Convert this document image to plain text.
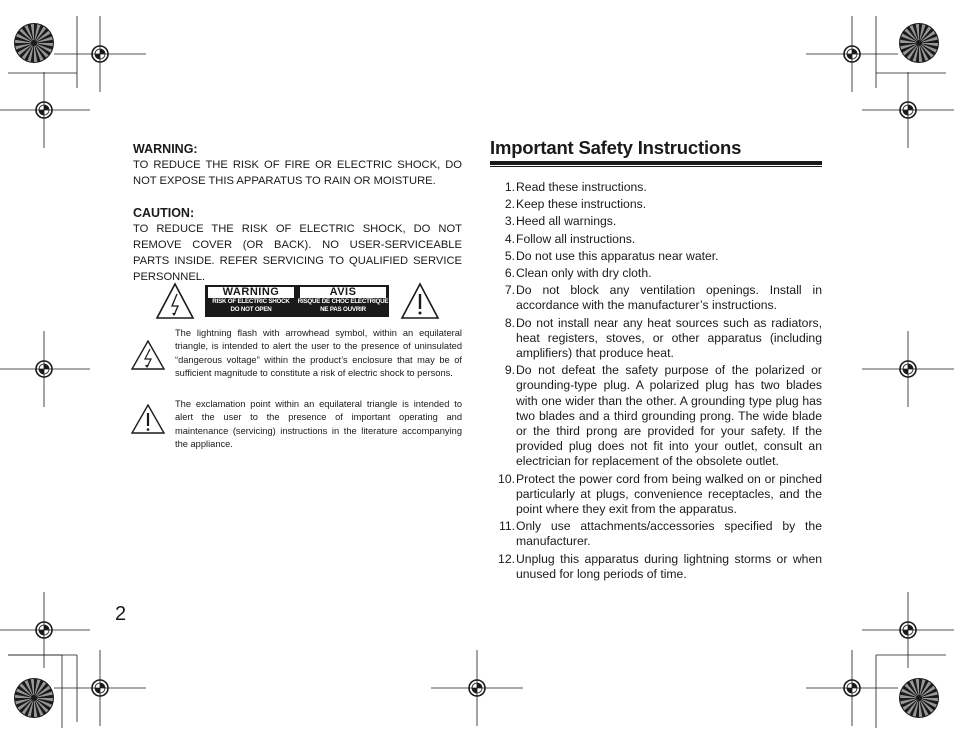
WARNING:

TO REDUCE THE RISK OF FIRE OR ELECTRIC SHOCK, DO NOT EXPOSE THIS APPARATUS TO RAIN OR MOISTURE.

CAUTION:

TO REDUCE THE RISK OF ELECTRIC SHOCK, DO NOT REMOVE COVER (OR BACK). NO USER-SERVICEABLE PARTS INSIDE. REFER SERVICING TO QUALIFIED SERVICE PERSONNEL.

WARNING
RISK OF ELECTRIC SHOCK
DO NOT OPEN
AVIS
RISQUE DE CHOC ELECTRIQUE
NE PAS OUVRIR

The lightning flash with arrowhead symbol, within an equilateral triangle, is intended to alert the user to the presence of uninsulated “dangerous voltage” within the product’s enclosure that may be of sufficient magnitude to constitute a risk of electric shock to persons.

The exclamation point within an equilateral triangle is intended to alert the user to the presence of important operating and maintenance (servicing) instructions in the literature accompanying the appliance.

Important Safety Instructions
1. Read these instructions.
2. Keep these instructions.
3. Heed all warnings.
4. Follow all instructions.
5. Do not use this apparatus near water.
6. Clean only with dry cloth.
7. Do not block any ventilation openings. Install in accordance with the manufacturer’s instructions.
8. Do not install near any heat sources such as radiators, heat registers, stoves, or other apparatus (including amplifiers) that produce heat.
9. Do not defeat the safety purpose of the polarized or grounding-type plug. A polarized plug has two blades with one wider than the other. A grounding type plug has two blades and a third grounding prong. The wide blade or the third prong are provided for your safety. If the provided plug does not fit into your outlet, consult an electrician for replacement of the obsolete outlet.
10. Protect the power cord from being walked on or pinched particularly at plugs, convenience receptacles, and the point where they exit from the apparatus.
11. Only use attachments/accessories specified by the manufacturer.
12. Unplug this apparatus during lightning storms or when unused for long periods of time.
2
